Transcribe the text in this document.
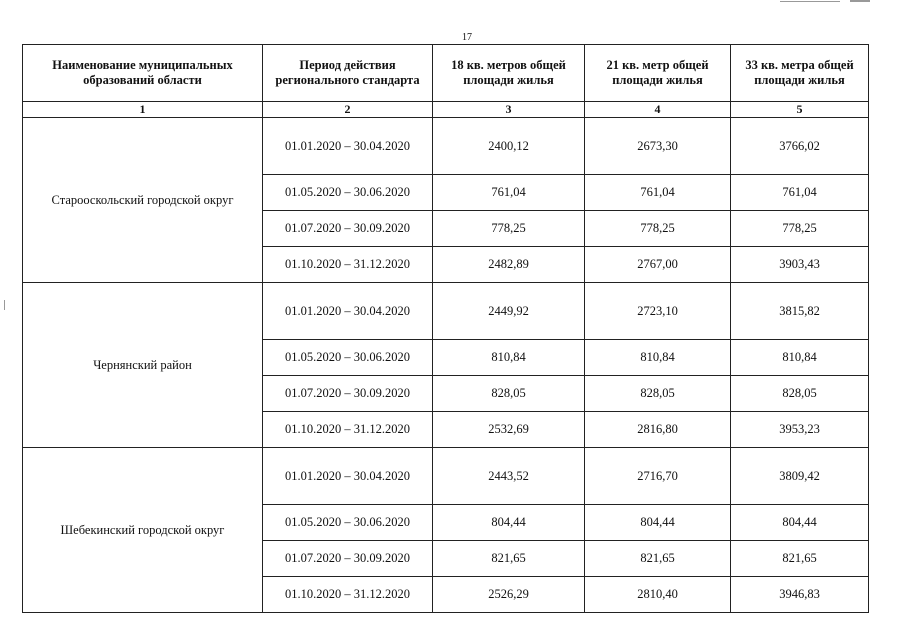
17
Наименование муниципальных образований области	Период действия регионального стандарта	18 кв. метров общей площади жилья	21 кв. метр общей площади жилья	33 кв. метра общей площади жилья
1	2	3	4	5
Старооскольский городской округ	01.01.2020 – 30.04.2020	2400,12	2673,30	3766,02
	01.05.2020 – 30.06.2020	761,04	761,04	761,04
	01.07.2020 – 30.09.2020	778,25	778,25	778,25
	01.10.2020 – 31.12.2020	2482,89	2767,00	3903,43
Чернянский район	01.01.2020 – 30.04.2020	2449,92	2723,10	3815,82
	01.05.2020 – 30.06.2020	810,84	810,84	810,84
	01.07.2020 – 30.09.2020	828,05	828,05	828,05
	01.10.2020 – 31.12.2020	2532,69	2816,80	3953,23
Шебекинский городской округ	01.01.2020 – 30.04.2020	2443,52	2716,70	3809,42
	01.05.2020 – 30.06.2020	804,44	804,44	804,44
	01.07.2020 – 30.09.2020	821,65	821,65	821,65
	01.10.2020 – 31.12.2020	2526,29	2810,40	3946,83
